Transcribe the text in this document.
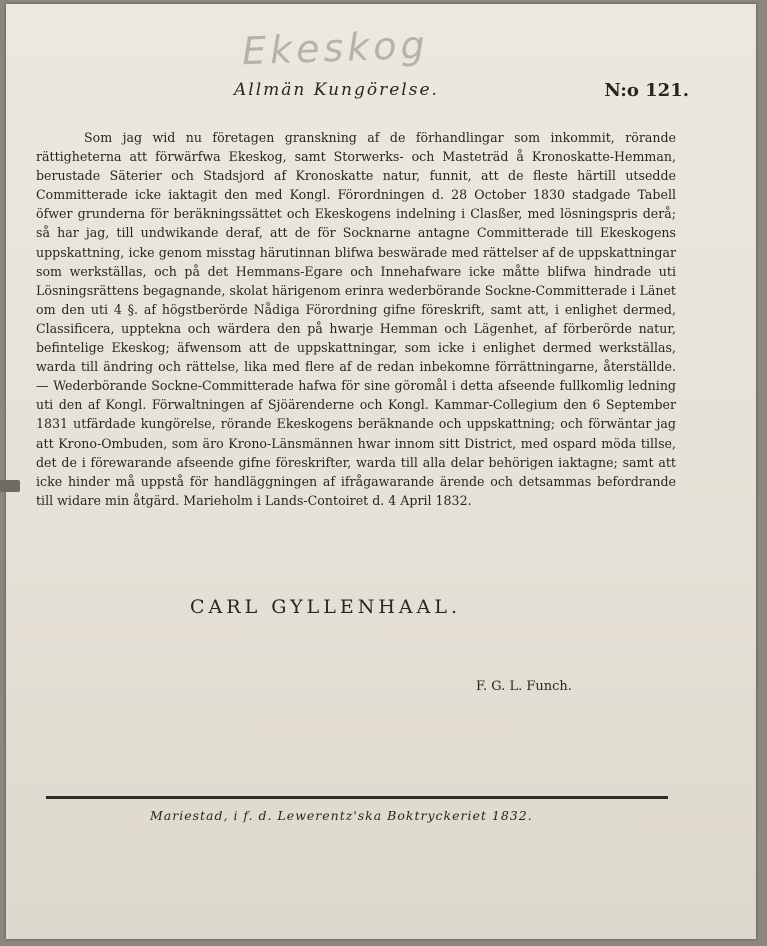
Ekeskog
Allmän Kungörelse.	N:o 121.
Som jag wid nu företagen granskning af de förhandlingar som inkommit, rörande rättigheterna att förwärfwa Ekeskog, samt Storwerks- och Masteträd å Kronoskatte-Hemman, berustade Säterier och Stadsjord af Kronoskatte natur, funnit, att de fleste härtill utsedde Committerade icke iaktagit den med Kongl. Förordningen d. 28 October 1830 stadgade Tabell öfwer grunderna för beräkningssättet och Ekeskogens indelning i Clasßer, med lösningspris derå; så har jag, till undwikande deraf, att de för Socknarne antagne Committerade till Ekeskogens uppskattning, icke genom misstag härutinnan blifwa beswärade med rättelser af de uppskattningar som werkställas, och på det Hemmans-Egare och Innehafware icke måtte blifwa hindrade uti Lösningsrättens begagnande, skolat härigenom erinra wederbörande Sockne-Committerade i Länet om den uti 4 §. af högstberörde Nådiga Förordning gifne föreskrift, samt att, i enlighet dermed, Classificera, upptekna och wärdera den på hwarje Hemman och Lägenhet, af förberörde natur, befintelige Ekeskog; äfwensom att de uppskattningar, som icke i enlighet dermed werkställas, warda till ändring och rättelse, lika med flere af de redan inbekomne förrättningarne, återställde. — Wederbörande Sockne-Committerade hafwa för sine göromål i detta afseende fullkomlig ledning uti den af Kongl. Förwaltningen af Sjöärenderne och Kongl. Kammar-Collegium den 6 September 1831 utfärdade kungörelse, rörande Ekeskogens beräknande och uppskattning; och förwäntar jag att Krono-Ombuden, som äro Krono-Länsmännen hwar innom sitt District, med ospard möda tillse, det de i förewarande afseende gifne föreskrifter, warda till alla delar behörigen iaktagne; samt att icke hinder må uppstå för handläggningen af ifrågawarande ärende och detsammas befordrande till widare min åtgärd. Marieholm i Lands-Contoiret d. 4 April 1832.
CARL GYLLENHAAL.
F. G. L. Funch.
Mariestad, i f. d. Lewerentz'ska Boktryckeriet 1832.
